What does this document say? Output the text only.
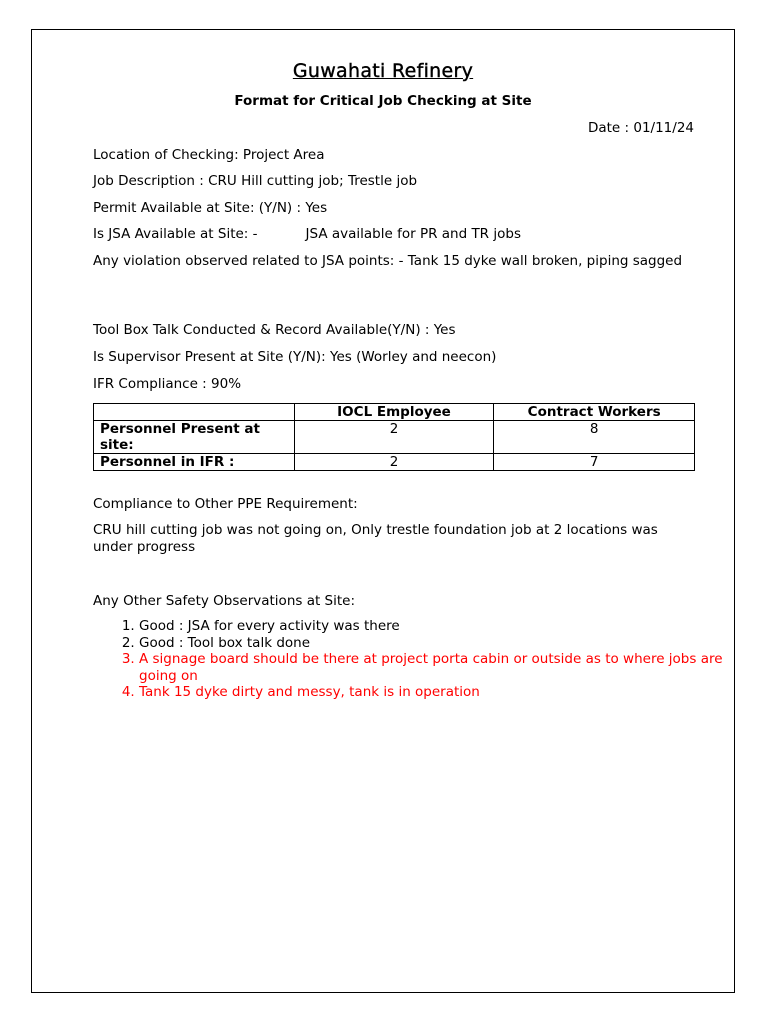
Guwahati Refinery
Format for Critical Job Checking at Site
Date : 01/11/24
Location of Checking: Project Area
Job Description : CRU Hill cutting job; Trestle job
Permit Available at Site: (Y/N) : Yes
Is JSA Available at Site: -	JSA available for PR and TR jobs
Any violation observed related to JSA points: - Tank 15 dyke wall broken, piping sagged
Tool Box Talk Conducted & Record Available(Y/N) : Yes
Is Supervisor Present at Site (Y/N): Yes (Worley and neecon)
IFR Compliance : 90%
	IOCL Employee	Contract Workers
Personnel Present at site:	2	8
Personnel in IFR :	2	7
Compliance to Other PPE Requirement:
CRU hill cutting job was not going on, Only trestle foundation job at 2 locations was under progress
Any Other Safety Observations at Site:
1. Good : JSA for every activity was there
2. Good : Tool box talk done
3. A signage board should be there at project porta cabin or outside as to where jobs are going on
4. Tank 15 dyke dirty and messy, tank is in operation
